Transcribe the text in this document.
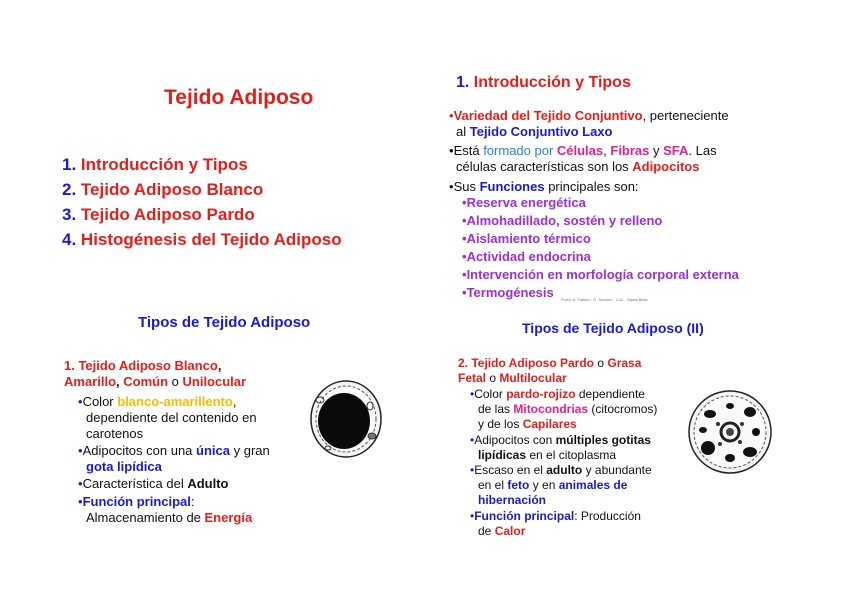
Tejido Adiposo
1. Introducción y Tipos
2. Tejido Adiposo Blanco
3. Tejido Adiposo Pardo
4. Histogénesis del Tejido Adiposo
1. Introducción y Tipos
•Variedad del Tejido Conjuntivo, perteneciente
al Tejido Conjuntivo Laxo
•Está formado por Células, Fibras y SFA. Las
células características son los Adipocitos
•Sus Funciones principales son:
•Reserva energética
•Almohadillado, sostén y relleno
•Aislamiento térmico
•Actividad endocrina
•Intervención en morfología corporal externa
•Termogénesis	Profa. A. Fabian - D. Tavares - U.A. - Santa Bella
Tipos de Tejido Adiposo
1. Tejido Adiposo Blanco,
Amarillo, Común o Unilocular
•Color blanco-amarillento,
dependiente del contenido en
carotenos
•Adipocitos con una única y gran
gota lipídica
•Característica del Adulto
•Función principal:
Almacenamiento de Energía
Tipos de Tejido Adiposo (II)
2. Tejido Adiposo Pardo o Grasa
Fetal o Multilocular
•Color pardo-rojizo dependiente
de las Mitocondrias (citocromos)
y de los Capilares
•Adipocitos con múltiples gotitas
lipídicas en el citoplasma
•Escaso en el adulto y abundante
en el feto y en animales de
hibernación
•Función principal: Producción
de Calor
